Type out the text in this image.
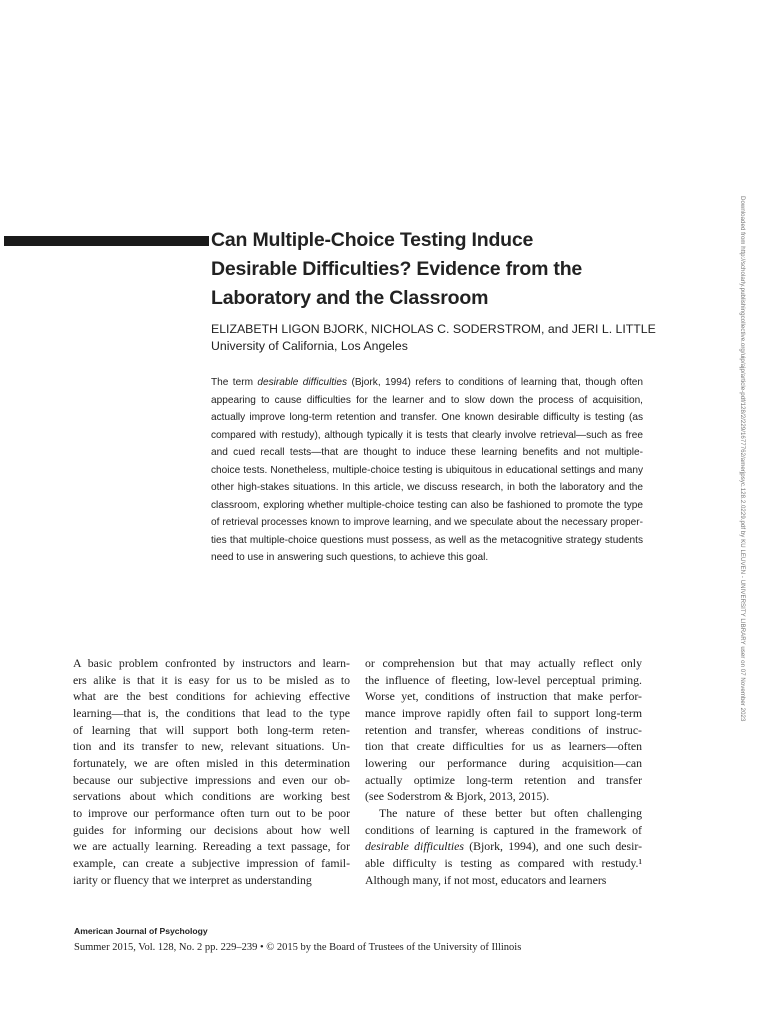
Can Multiple-Choice Testing Induce
Desirable Difficulties? Evidence from the
Laboratory and the Classroom
ELIZABETH LIGON BJORK, NICHOLAS C. SODERSTROM, and JERI L. LITTLE
University of California, Los Angeles
The term desirable difficulties (Bjork, 1994) refers to conditions of learning that, though often
appearing to cause difficulties for the learner and to slow down the process of acquisition,
actually improve long-term retention and transfer. One known desirable difficulty is testing (as
compared with restudy), although typically it is tests that clearly involve retrieval—such as free
and cued recall tests—that are thought to induce these learning benefits and not multiple-
choice tests. Nonetheless, multiple-choice testing is ubiquitous in educational settings and many
other high-stakes situations. In this article, we discuss research, in both the laboratory and the
classroom, exploring whether multiple-choice testing can also be fashioned to promote the type
of retrieval processes known to improve learning, and we speculate about the necessary proper-
ties that multiple-choice questions must possess, as well as the metacognitive strategy students
need to use in answering such questions, to achieve this goal.
A basic problem confronted by instructors and learn-
ers alike is that it is easy for us to be misled as to
what are the best conditions for achieving effective
learning—that is, the conditions that lead to the type
of learning that will support both long-term reten-
tion and its transfer to new, relevant situations. Un-
fortunately, we are often misled in this determination
because our subjective impressions and even our ob-
servations about which conditions are working best
to improve our performance often turn out to be poor
guides for informing our decisions about how well
we are actually learning. Rereading a text passage, for
example, can create a subjective impression of famil-
iarity or fluency that we interpret as understanding
or comprehension but that may actually reflect only
the influence of fleeting, low-level perceptual priming.
Worse yet, conditions of instruction that make perfor-
mance improve rapidly often fail to support long-term
retention and transfer, whereas conditions of instruc-
tion that create difficulties for us as learners—often
lowering our performance during acquisition—can
actually optimize long-term retention and transfer
(see Soderstrom & Bjork, 2013, 2015).
The nature of these better but often challenging
conditions of learning is captured in the framework of
desirable difficulties (Bjork, 1994), and one such desir-
able difficulty is testing as compared with restudy.¹
Although many, if not most, educators and learners
American Journal of Psychology
Summer 2015, Vol. 128, No. 2 pp. 229–239 • © 2015 by the Board of Trustees of the University of Illinois
Downloaded from http://scholarly.publishingcollective.org/uip/ajp/article-pdf/128/2/229/1677762/amerjpsyc.128.2.0229.pdf by KU LEUVEN - UNIVERSITY LIBRARY user on 07 November 2023
